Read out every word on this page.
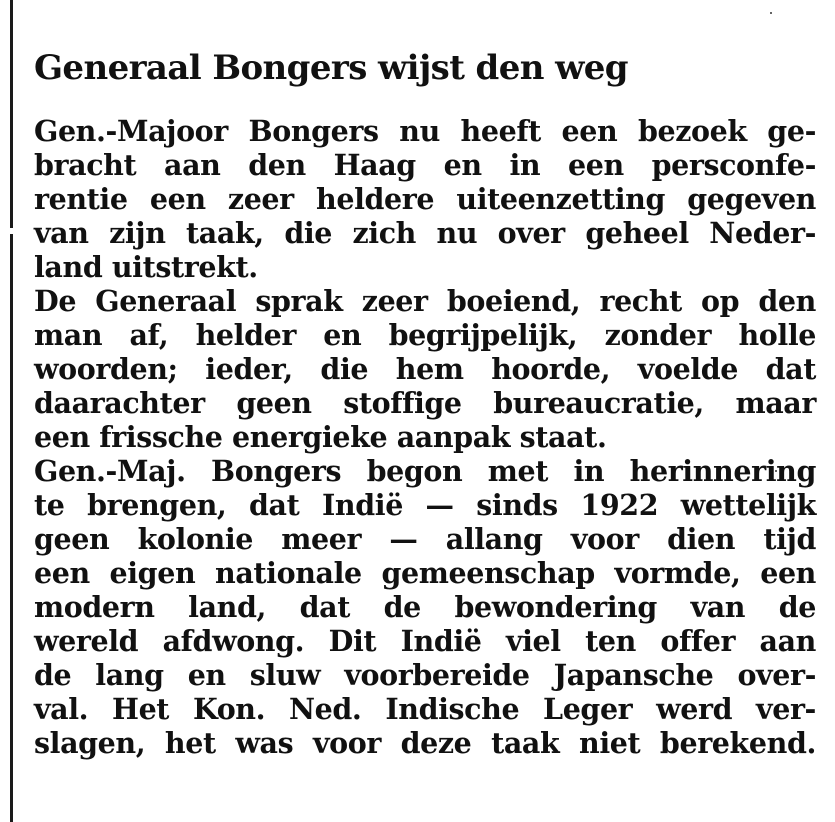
Generaal Bongers wijst den weg
Gen.-Majoor Bongers nu heeft een bezoek ge-
bracht aan den Haag en in een persconfe-
rentie een zeer heldere uiteenzetting gegeven
van zijn taak, die zich nu over geheel Neder-
land uitstrekt.
De Generaal sprak zeer boeiend, recht op den
man af, helder en begrijpelijk, zonder holle
woorden; ieder, die hem hoorde, voelde dat
daarachter geen stoffige bureaucratie, maar
een frissche energieke aanpak staat.
Gen.-Maj. Bongers begon met in herinnering
te brengen, dat Indië — sinds 1922 wettelijk
geen kolonie meer — allang voor dien tijd
een eigen nationale gemeenschap vormde, een
modern land, dat de bewondering van de
wereld afdwong. Dit Indië viel ten offer aan
de lang en sluw voorbereide Japansche over-
val. Het Kon. Ned. Indische Leger werd ver-
slagen, het was voor deze taak niet berekend.
